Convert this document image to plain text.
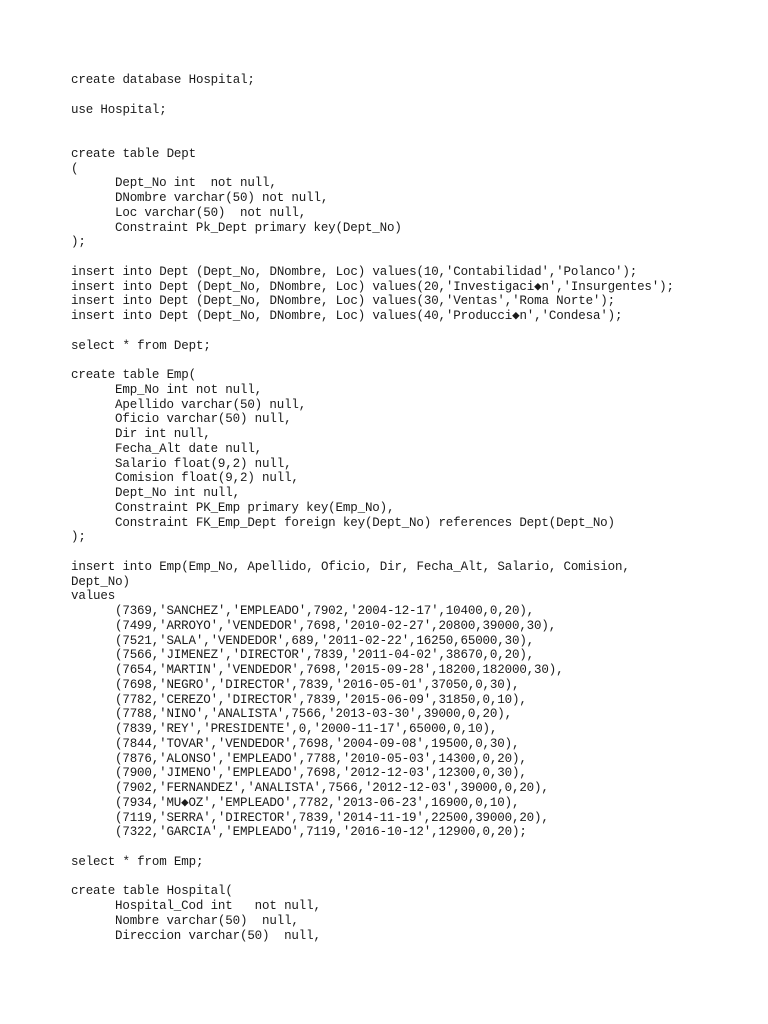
create database Hospital;
use Hospital;
create table Dept
(
Dept_No int  not null,
DNombre varchar(50) not null,
Loc varchar(50)  not null,
Constraint Pk_Dept primary key(Dept_No)
);
insert into Dept (Dept_No, DNombre, Loc) values(10,'Contabilidad','Polanco');
insert into Dept (Dept_No, DNombre, Loc) values(20,'Investigaci◆n','Insurgentes');
insert into Dept (Dept_No, DNombre, Loc) values(30,'Ventas','Roma Norte');
insert into Dept (Dept_No, DNombre, Loc) values(40,'Producci◆n','Condesa');
select * from Dept;
create table Emp(
Emp_No int not null,
Apellido varchar(50) null,
Oficio varchar(50) null,
Dir int null,
Fecha_Alt date null,
Salario float(9,2) null,
Comision float(9,2) null,
Dept_No int null,
Constraint PK_Emp primary key(Emp_No),
Constraint FK_Emp_Dept foreign key(Dept_No) references Dept(Dept_No)
);
insert into Emp(Emp_No, Apellido, Oficio, Dir, Fecha_Alt, Salario, Comision,
Dept_No)
values
(7369,'SANCHEZ','EMPLEADO',7902,'2004-12-17',10400,0,20),
(7499,'ARROYO','VENDEDOR',7698,'2010-02-27',20800,39000,30),
(7521,'SALA','VENDEDOR',689,'2011-02-22',16250,65000,30),
(7566,'JIMENEZ','DIRECTOR',7839,'2011-04-02',38670,0,20),
(7654,'MARTIN','VENDEDOR',7698,'2015-09-28',18200,182000,30),
(7698,'NEGRO','DIRECTOR',7839,'2016-05-01',37050,0,30),
(7782,'CEREZO','DIRECTOR',7839,'2015-06-09',31850,0,10),
(7788,'NINO','ANALISTA',7566,'2013-03-30',39000,0,20),
(7839,'REY','PRESIDENTE',0,'2000-11-17',65000,0,10),
(7844,'TOVAR','VENDEDOR',7698,'2004-09-08',19500,0,30),
(7876,'ALONSO','EMPLEADO',7788,'2010-05-03',14300,0,20),
(7900,'JIMENO','EMPLEADO',7698,'2012-12-03',12300,0,30),
(7902,'FERNANDEZ','ANALISTA',7566,'2012-12-03',39000,0,20),
(7934,'MU◆OZ','EMPLEADO',7782,'2013-06-23',16900,0,10),
(7119,'SERRA','DIRECTOR',7839,'2014-11-19',22500,39000,20),
(7322,'GARCIA','EMPLEADO',7119,'2016-10-12',12900,0,20);
select * from Emp;
create table Hospital(
Hospital_Cod int   not null,
Nombre varchar(50)  null,
Direccion varchar(50)  null,
